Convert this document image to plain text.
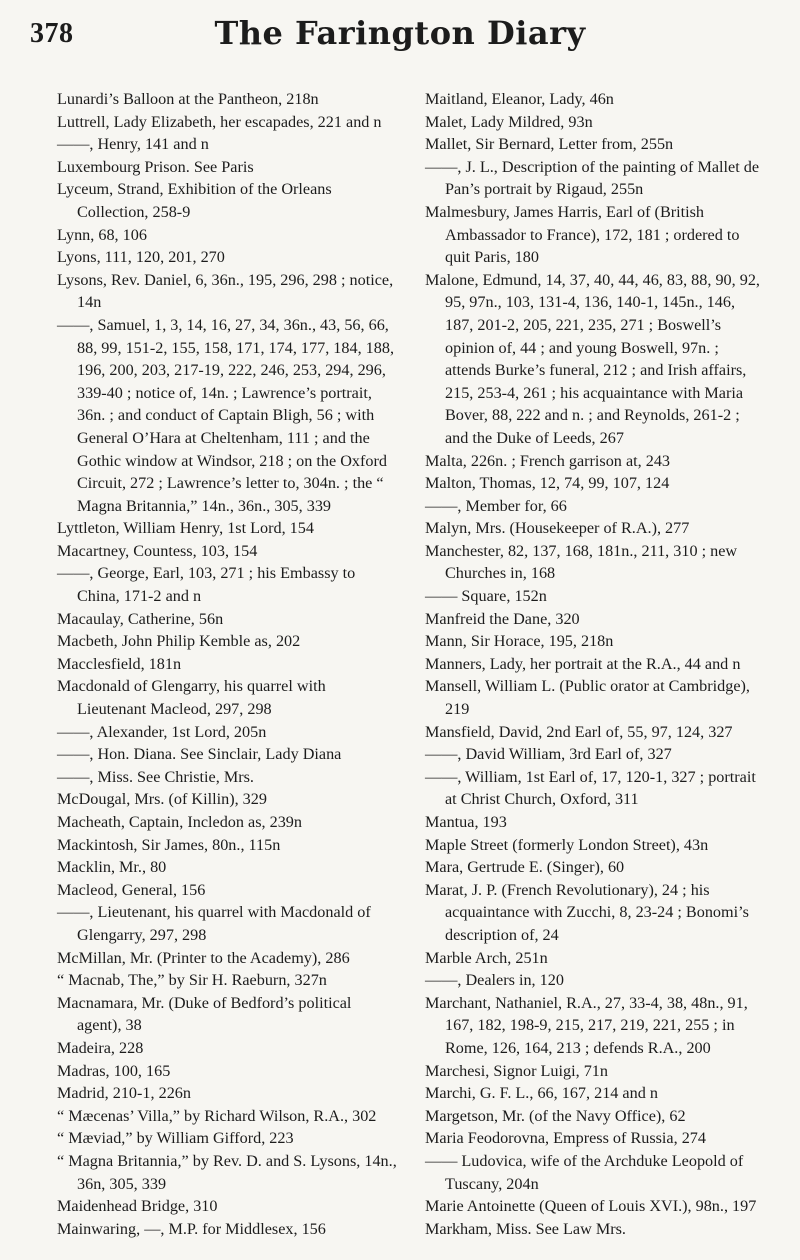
378	The Farington Diary

Lunardi’s Balloon at the Pantheon, 218n

Luttrell, Lady Elizabeth, her escapades, 221 and n

——, Henry, 141 and n

Luxembourg Prison. See Paris

Lyceum, Strand, Exhibition of the Orleans Collection, 258-9

Lynn, 68, 106

Lyons, 111, 120, 201, 270

Lysons, Rev. Daniel, 6, 36n., 195, 296, 298 ; notice, 14n

——, Samuel, 1, 3, 14, 16, 27, 34, 36n., 43, 56, 66, 88, 99, 151-2, 155, 158, 171, 174, 177, 184, 188, 196, 200, 203, 217-19, 222, 246, 253, 294, 296, 339-40 ; notice of, 14n. ; Lawrence’s portrait, 36n. ; and conduct of Captain Bligh, 56 ; with General O’Hara at Cheltenham, 111 ; and the Gothic window at Windsor, 218 ; on the Oxford Circuit, 272 ; Lawrence’s letter to, 304n. ; the “ Magna Britannia,” 14n., 36n., 305, 339

Lyttleton, William Henry, 1st Lord, 154

Macartney, Countess, 103, 154

——, George, Earl, 103, 271 ; his Embassy to China, 171-2 and n

Macaulay, Catherine, 56n

Macbeth, John Philip Kemble as, 202

Macclesfield, 181n

Macdonald of Glengarry, his quarrel with Lieutenant Macleod, 297, 298

——, Alexander, 1st Lord, 205n

——, Hon. Diana. See Sinclair, Lady Diana

——, Miss. See Christie, Mrs.

McDougal, Mrs. (of Killin), 329

Macheath, Captain, Incledon as, 239n

Mackintosh, Sir James, 80n., 115n

Macklin, Mr., 80

Macleod, General, 156

——, Lieutenant, his quarrel with Macdonald of Glengarry, 297, 298

McMillan, Mr. (Printer to the Academy), 286

“ Macnab, The,” by Sir H. Raeburn, 327n

Macnamara, Mr. (Duke of Bedford’s political agent), 38

Madeira, 228

Madras, 100, 165

Madrid, 210-1, 226n

“ Mæcenas’ Villa,” by Richard Wilson, R.A., 302

“ Mæviad,” by William Gifford, 223

“ Magna Britannia,” by Rev. D. and S. Lysons, 14n., 36n, 305, 339

Maidenhead Bridge, 310

Mainwaring, —, M.P. for Middlesex, 156

Maitland, Eleanor, Lady, 46n

Malet, Lady Mildred, 93n

Mallet, Sir Bernard, Letter from, 255n

——, J. L., Description of the painting of Mallet de Pan’s portrait by Rigaud, 255n

Malmesbury, James Harris, Earl of (British Ambassador to France), 172, 181 ; ordered to quit Paris, 180

Malone, Edmund, 14, 37, 40, 44, 46, 83, 88, 90, 92, 95, 97n., 103, 131-4, 136, 140-1, 145n., 146, 187, 201-2, 205, 221, 235, 271 ; Boswell’s opinion of, 44 ; and young Boswell, 97n. ; attends Burke’s funeral, 212 ; and Irish affairs, 215, 253-4, 261 ; his acquaintance with Maria Bover, 88, 222 and n. ; and Reynolds, 261-2 ; and the Duke of Leeds, 267

Malta, 226n. ; French garrison at, 243

Malton, Thomas, 12, 74, 99, 107, 124

——, Member for, 66

Malyn, Mrs. (Housekeeper of R.A.), 277

Manchester, 82, 137, 168, 181n., 211, 310 ; new Churches in, 168

—— Square, 152n

Manfreid the Dane, 320

Mann, Sir Horace, 195, 218n

Manners, Lady, her portrait at the R.A., 44 and n

Mansell, William L. (Public orator at Cambridge), 219

Mansfield, David, 2nd Earl of, 55, 97, 124, 327

——, David William, 3rd Earl of, 327

——, William, 1st Earl of, 17, 120-1, 327 ; portrait at Christ Church, Oxford, 311

Mantua, 193

Maple Street (formerly London Street), 43n

Mara, Gertrude E. (Singer), 60

Marat, J. P. (French Revolutionary), 24 ; his acquaintance with Zucchi, 8, 23-24 ; Bonomi’s description of, 24

Marble Arch, 251n

——, Dealers in, 120

Marchant, Nathaniel, R.A., 27, 33-4, 38, 48n., 91, 167, 182, 198-9, 215, 217, 219, 221, 255 ; in Rome, 126, 164, 213 ; defends R.A., 200

Marchesi, Signor Luigi, 71n

Marchi, G. F. L., 66, 167, 214 and n

Margetson, Mr. (of the Navy Office), 62

Maria Feodorovna, Empress of Russia, 274

—— Ludovica, wife of the Archduke Leopold of Tuscany, 204n

Marie Antoinette (Queen of Louis XVI.), 98n., 197

Markham, Miss. See Law Mrs.
